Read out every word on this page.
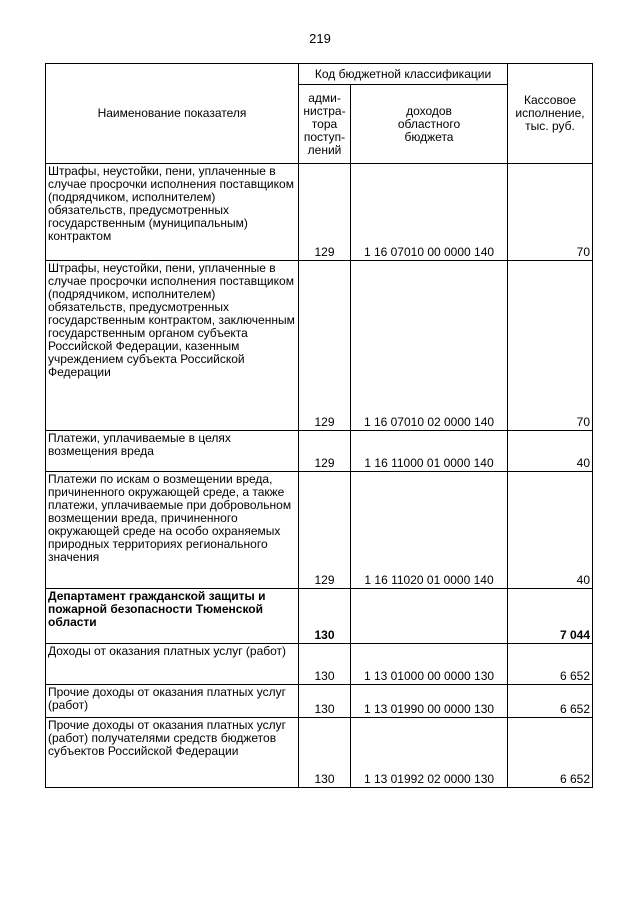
219
Наименование показателя	Код бюджетной классификации		Кассовое
исполнение,
тыс. руб.
	адми-
нистра-
тора
поступ-
лений	доходов
областного
бюджета	
Штрафы, неустойки, пени, уплаченные в случае просрочки исполнения поставщиком (подрядчиком, исполнителем) обязательств, предусмотренных государственным (муниципальным) контрактом	129	1 16 07010 00 0000 140	70
Штрафы, неустойки, пени, уплаченные в случае просрочки исполнения поставщиком (подрядчиком, исполнителем) обязательств, предусмотренных государственным контрактом, заключенным государственным органом субъекта Российской Федерации, казенным учреждением субъекта Российской Федерации	129	1 16 07010 02 0000 140	70
Платежи, уплачиваемые в целях возмещения вреда	129	1 16 11000 01 0000 140	40
Платежи по искам о возмещении вреда, причиненного окружающей среде, а также платежи, уплачиваемые при добровольном возмещении вреда, причиненного окружающей среде на особо охраняемых природных территориях регионального значения	129	1 16 11020 01 0000 140	40
Департамент гражданской защиты и пожарной безопасности Тюменской области	130		7 044
Доходы от оказания платных услуг (работ)	130	1 13 01000 00 0000 130	6 652
Прочие доходы от оказания платных услуг (работ)	130	1 13 01990 00 0000 130	6 652
Прочие доходы от оказания платных услуг (работ) получателями средств бюджетов субъектов Российской Федерации	130	1 13 01992 02 0000 130	6 652
